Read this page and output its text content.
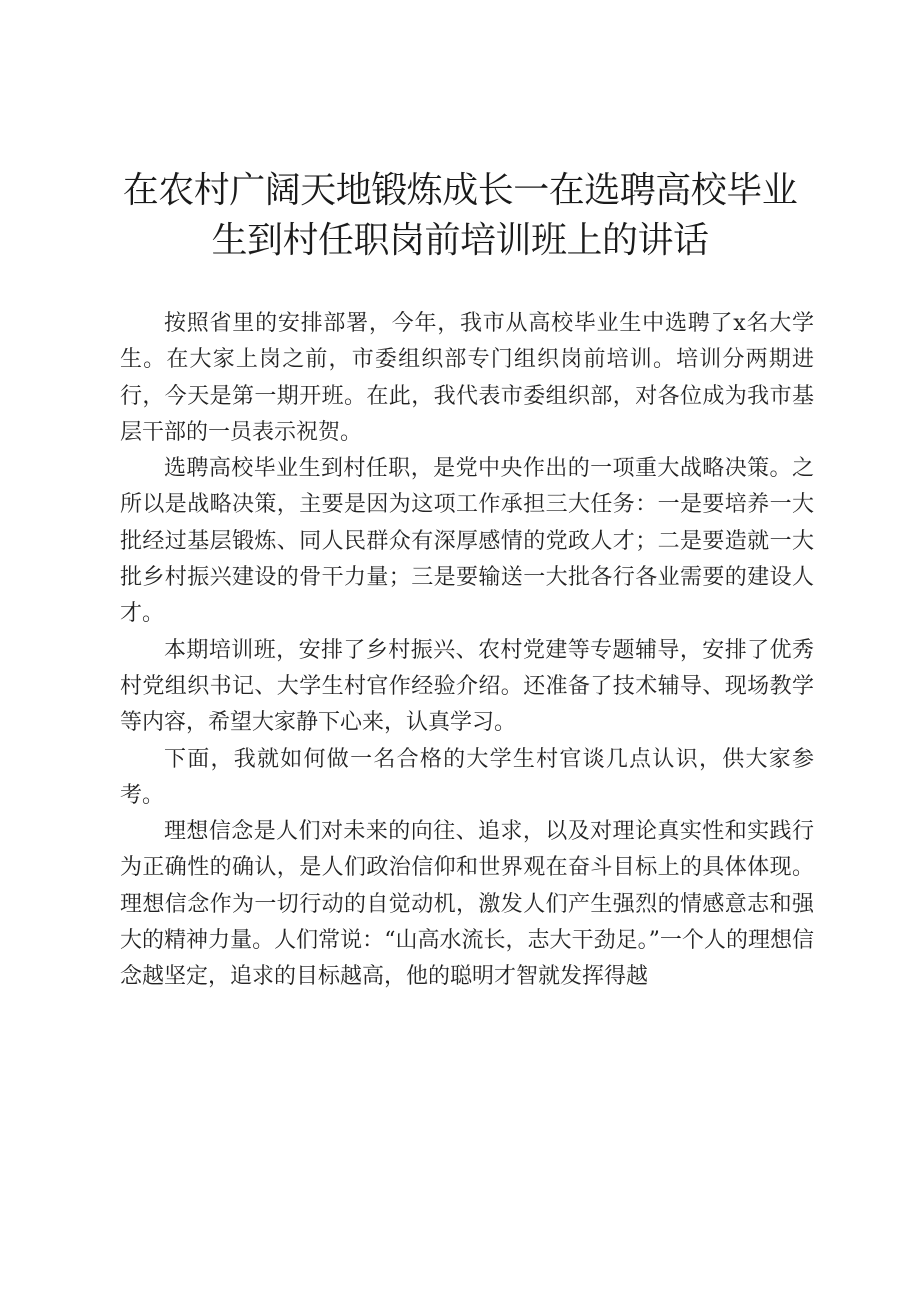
在农村广阔天地锻炼成长一在选聘高校毕业
生到村任职岗前培训班上的讲话

按照省里的安排部署，今年，我市从高校毕业生中选聘了x名大学生。在大家上岗之前，市委组织部专门组织岗前培训。培训分两期进行，今天是第一期开班。在此，我代表市委组织部，对各位成为我市基层干部的一员表示祝贺。

选聘高校毕业生到村任职，是党中央作出的一项重大战略决策。之所以是战略决策，主要是因为这项工作承担三大任务：一是要培养一大批经过基层锻炼、同人民群众有深厚感情的党政人才；二是要造就一大批乡村振兴建设的骨干力量；三是要输送一大批各行各业需要的建设人才。

本期培训班，安排了乡村振兴、农村党建等专题辅导，安排了优秀村党组织书记、大学生村官作经验介绍。还准备了技术辅导、现场教学等内容，希望大家静下心来，认真学习。

下面，我就如何做一名合格的大学生村官谈几点认识，供大家参考。

理想信念是人们对未来的向往、追求，以及对理论真实性和实践行为正确性的确认，是人们政治信仰和世界观在奋斗目标上的具体体现。理想信念作为一切行动的自觉动机，激发人们产生强烈的情感意志和强大的精神力量。人们常说：“山高水流长，志大干劲足。”一个人的理想信念越坚定，追求的目标越高，他的聪明才智就发挥得越
